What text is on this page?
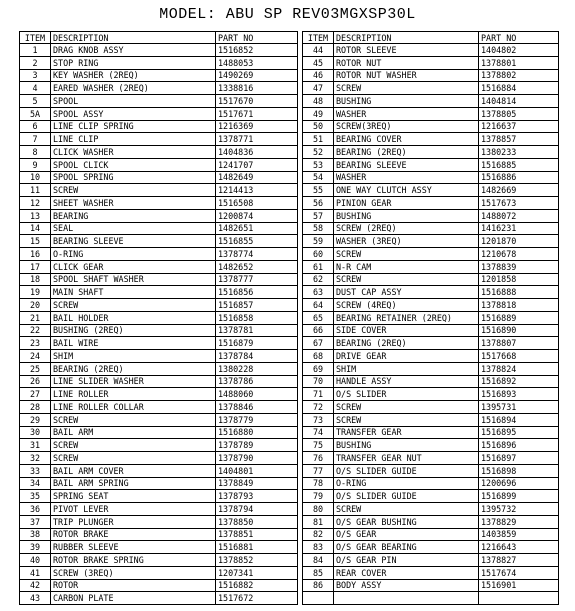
MODEL: ABU SP REV03MGXSP30L
ITEM	DESCRIPTION	PART NO		ITEM	DESCRIPTION	PART NO
1	DRAG KNOB ASSY	1516852		44	ROTOR SLEEVE	1404802
2	STOP RING	1488053		45	ROTOR NUT	1378801
3	KEY WASHER (2REQ)	1490269		46	ROTOR NUT WASHER	1378802
4	EARED WASHER (2REQ)	1338816		47	SCREW	1516884
5	SPOOL	1517670		48	BUSHING	1404814
5A	SPOOL ASSY	1517671		49	WASHER	1378805
6	LINE CLIP SPRING	1216369		50	SCREW(3REQ)	1216637
7	LINE CLIP	1378771		51	BEARING COVER	1378857
8	CLICK WASHER	1404836		52	BEARING (2REQ)	1380233
9	SPOOL CLICK	1241707		53	BEARING SLEEVE	1516885
10	SPOOL SPRING	1482649		54	WASHER	1516886
11	SCREW	1214413		55	ONE WAY CLUTCH ASSY	1482669
12	SHEET WASHER	1516508		56	PINION GEAR	1517673
13	BEARING	1200874		57	BUSHING	1488072
14	SEAL	1482651		58	SCREW (2REQ)	1416231
15	BEARING SLEEVE	1516855		59	WASHER (3REQ)	1201870
16	O-RING	1378774		60	SCREW	1210678
17	CLICK GEAR	1482652		61	N-R CAM	1378839
18	SPOOL SHAFT WASHER	1378777		62	SCREW	1201858
19	MAIN SHAFT	1516856		63	DUST CAP ASSY	1516888
20	SCREW	1516857		64	SCREW (4REQ)	1378818
21	BAIL HOLDER	1516858		65	BEARING RETAINER (2REQ)	1516889
22	BUSHING (2REQ)	1378781		66	SIDE COVER	1516890
23	BAIL WIRE	1516879		67	BEARING (2REQ)	1378807
24	SHIM	1378784		68	DRIVE GEAR	1517668
25	BEARING (2REQ)	1380228		69	SHIM	1378824
26	LINE SLIDER WASHER	1378786		70	HANDLE ASSY	1516892
27	LINE ROLLER	1488060		71	O/S SLIDER	1516893
28	LINE ROLLER COLLAR	1378846		72	SCREW	1395731
29	SCREW	1378779		73	SCREW	1516894
30	BAIL ARM	1516880		74	TRANSFER GEAR	1516895
31	SCREW	1378789		75	BUSHING	1516896
32	SCREW	1378790		76	TRANSFER GEAR NUT	1516897
33	BAIL ARM COVER	1404801		77	O/S SLIDER GUIDE	1516898
34	BAIL ARM SPRING	1378849		78	O-RING	1200696
35	SPRING SEAT	1378793		79	O/S SLIDER GUIDE	1516899
36	PIVOT LEVER	1378794		80	SCREW	1395732
37	TRIP PLUNGER	1378850		81	O/S GEAR BUSHING	1378829
38	ROTOR BRAKE	1378851		82	O/S GEAR	1403859
39	RUBBER SLEEVE	1516881		83	O/S GEAR BEARING	1216643
40	ROTOR BRAKE SPRING	1378852		84	O/S GEAR PIN	1378827
41	SCREW (3REQ)	1207341		85	REAR COVER	1517674
42	ROTOR	1516882		86	BODY ASSY	1516901
43	CARBON PLATE	1517672				
